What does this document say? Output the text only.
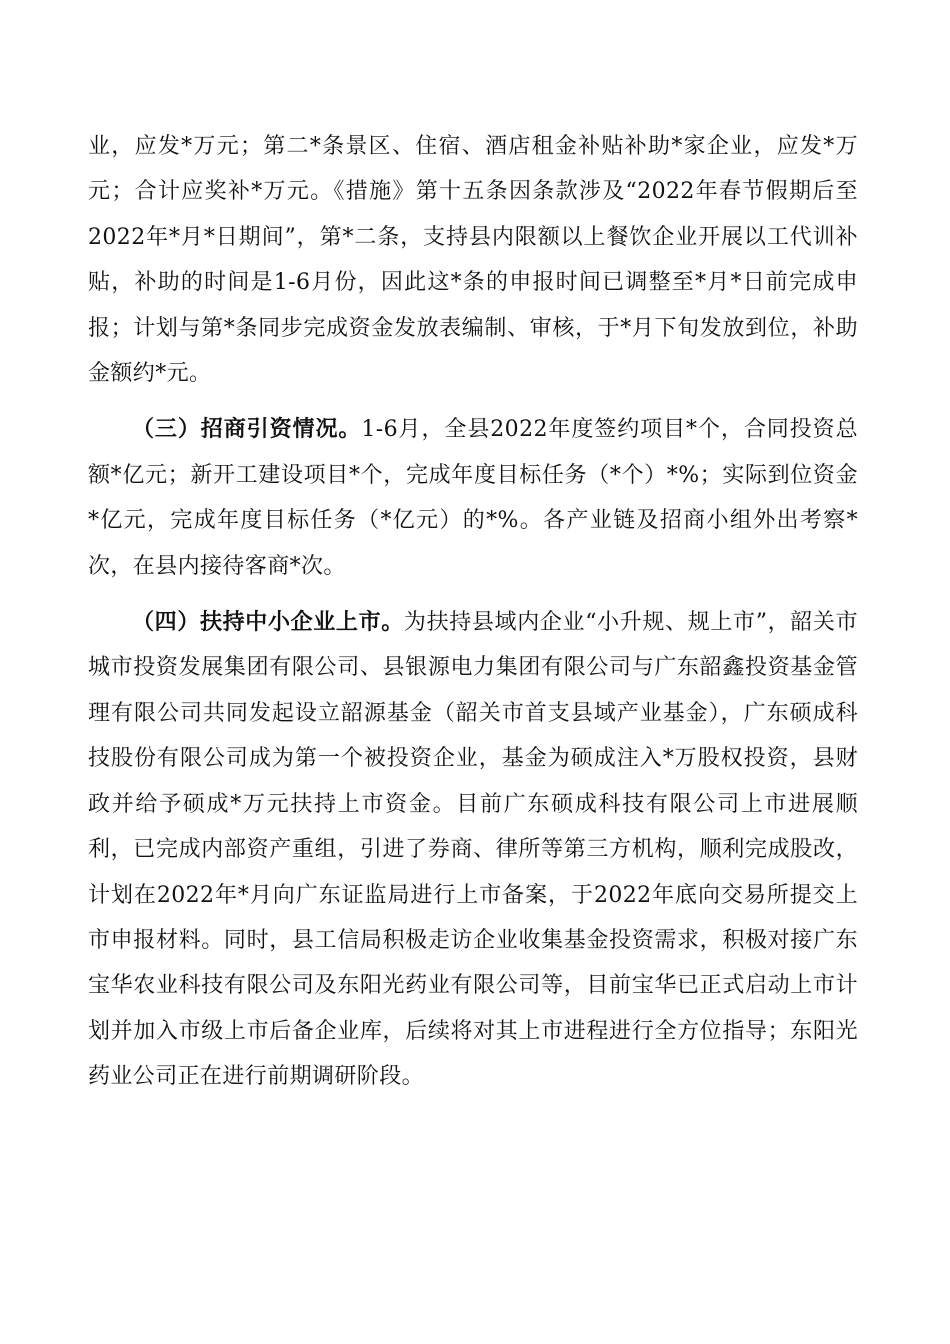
业，应发*万元；第二*条景区、住宿、酒店租金补贴补助*家企业，应发*万元；合计应奖补*万元。《措施》第十五条因条款涉及“2022年春节假期后至2022年*月*日期间”，第*二条，支持县内限额以上餐饮企业开展以工代训补贴，补助的时间是1-6月份，因此这*条的申报时间已调整至*月*日前完成申报；计划与第*条同步完成资金发放表编制、审核，于*月下旬发放到位，补助金额约*元。

（三）招商引资情况。1-6月，全县2022年度签约项目*个，合同投资总额*亿元；新开工建设项目*个，完成年度目标任务（*个）*%；实际到位资金*亿元，完成年度目标任务（*亿元）的*%。各产业链及招商小组外出考察*次，在县内接待客商*次。

（四）扶持中小企业上市。为扶持县域内企业“小升规、规上市”，韶关市城市投资发展集团有限公司、县银源电力集团有限公司与广东韶鑫投资基金管理有限公司共同发起设立韶源基金（韶关市首支县域产业基金），广东硕成科技股份有限公司成为第一个被投资企业，基金为硕成注入*万股权投资，县财政并给予硕成*万元扶持上市资金。目前广东硕成科技有限公司上市进展顺利，已完成内部资产重组，引进了券商、律所等第三方机构，顺利完成股改，计划在2022年*月向广东证监局进行上市备案，于2022年底向交易所提交上市申报材料。同时，县工信局积极走访企业收集基金投资需求，积极对接广东宝华农业科技有限公司及东阳光药业有限公司等，目前宝华已正式启动上市计划并加入市级上市后备企业库，后续将对其上市进程进行全方位指导；东阳光药业公司正在进行前期调研阶段。
